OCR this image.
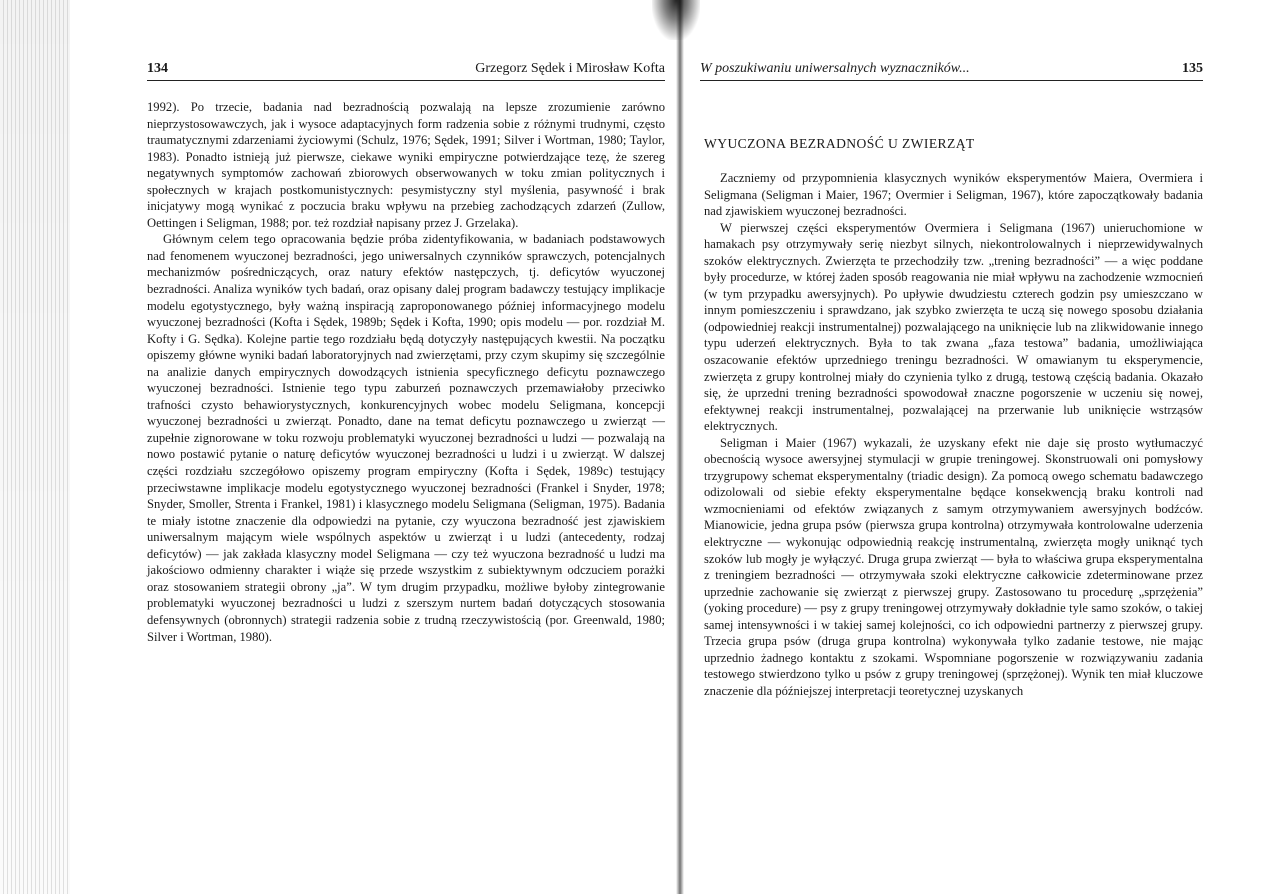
134	Grzegorz Sędek i Mirosław Kofta

1992). Po trzecie, badania nad bezradnością pozwalają na lepsze zrozumienie zarówno nieprzystosowawczych, jak i wysoce adaptacyjnych form radzenia sobie z różnymi trudnymi, często traumatycznymi zdarzeniami życiowymi (Schulz, 1976; Sędek, 1991; Silver i Wortman, 1980; Taylor, 1983). Ponadto istnieją już pierwsze, ciekawe wyniki empiryczne potwierdzające tezę, że szereg negatywnych symptomów zachowań zbiorowych obserwowanych w toku zmian politycznych i społecznych w krajach postkomunistycznych: pesymistyczny styl myślenia, pasywność i brak inicjatywy mogą wynikać z poczucia braku wpływu na przebieg zachodzących zdarzeń (Zullow, Oettingen i Seligman, 1988; por. też rozdział napisany przez J. Grzelaka).

Głównym celem tego opracowania będzie próba zidentyfikowania, w badaniach podstawowych nad fenomenem wyuczonej bezradności, jego uniwersalnych czynników sprawczych, potencjalnych mechanizmów pośredniczących, oraz natury efektów następczych, tj. deficytów wyuczonej bezradności. Analiza wyników tych badań, oraz opisany dalej program badawczy testujący implikacje modelu egotystycznego, były ważną inspiracją zaproponowanego później informacyjnego modelu wyuczonej bezradności (Kofta i Sędek, 1989b; Sędek i Kofta, 1990; opis modelu — por. rozdział M. Kofty i G. Sędka). Kolejne partie tego rozdziału będą dotyczyły następujących kwestii. Na początku opiszemy główne wyniki badań laboratoryjnych nad zwierzętami, przy czym skupimy się szczególnie na analizie danych empirycznych dowodzących istnienia specyficznego deficytu poznawczego wyuczonej bezradności. Istnienie tego typu zaburzeń poznawczych przemawiałoby przeciwko trafności czysto behawiorystycznych, konkurencyjnych wobec modelu Seligmana, koncepcji wyuczonej bezradności u zwierząt. Ponadto, dane na temat deficytu poznawczego u zwierząt — zupełnie zignorowane w toku rozwoju problematyki wyuczonej bezradności u ludzi — pozwalają na nowo postawić pytanie o naturę deficytów wyuczonej bezradności u ludzi i u zwierząt. W dalszej części rozdziału szczegółowo opiszemy program empiryczny (Kofta i Sędek, 1989c) testujący przeciwstawne implikacje modelu egotystycznego wyuczonej bezradności (Frankel i Snyder, 1978; Snyder, Smoller, Strenta i Frankel, 1981) i klasycznego modelu Seligmana (Seligman, 1975). Badania te miały istotne znaczenie dla odpowiedzi na pytanie, czy wyuczona bezradność jest zjawiskiem uniwersalnym mającym wiele wspólnych aspektów u zwierząt i u ludzi (antecedenty, rodzaj deficytów) — jak zakłada klasyczny model Seligmana — czy też wyuczona bezradność u ludzi ma jakościowo odmienny charakter i wiąże się przede wszystkim z subiektywnym odczuciem porażki oraz stosowaniem strategii obrony „ja”. W tym drugim przypadku, możliwe byłoby zintegrowanie problematyki wyuczonej bezradności u ludzi z szerszym nurtem badań dotyczących stosowania defensywnych (obronnych) strategii radzenia sobie z trudną rzeczywistością (por. Greenwald, 1980; Silver i Wortman, 1980).

W poszukiwaniu uniwersalnych wyznaczników...	135
WYUCZONA BEZRADNOŚĆ U ZWIERZĄT

Zaczniemy od przypomnienia klasycznych wyników eksperymentów Maiera, Overmiera i Seligmana (Seligman i Maier, 1967; Overmier i Seligman, 1967), które zapoczątkowały badania nad zjawiskiem wyuczonej bezradności.

W pierwszej części eksperymentów Overmiera i Seligmana (1967) unieruchomione w hamakach psy otrzymywały serię niezbyt silnych, niekontrolowalnych i nieprzewidywalnych szoków elektrycznych. Zwierzęta te przechodziły tzw. „trening bezradności” — a więc poddane były procedurze, w której żaden sposób reagowania nie miał wpływu na zachodzenie wzmocnień (w tym przypadku awersyjnych). Po upływie dwudziestu czterech godzin psy umieszczano w innym pomieszczeniu i sprawdzano, jak szybko zwierzęta te uczą się nowego sposobu działania (odpowiedniej reakcji instrumentalnej) pozwalającego na uniknięcie lub na zlikwidowanie innego typu uderzeń elektrycznych. Była to tak zwana „faza testowa” badania, umożliwiająca oszacowanie efektów uprzedniego treningu bezradności. W omawianym tu eksperymencie, zwierzęta z grupy kontrolnej miały do czynienia tylko z drugą, testową częścią badania. Okazało się, że uprzedni trening bezradności spowodował znaczne pogorszenie w uczeniu się nowej, efektywnej reakcji instrumentalnej, pozwalającej na przerwanie lub uniknięcie wstrząsów elektrycznych.

Seligman i Maier (1967) wykazali, że uzyskany efekt nie daje się prosto wytłumaczyć obecnością wysoce awersyjnej stymulacji w grupie treningowej. Skonstruowali oni pomysłowy trzygrupowy schemat eksperymentalny (triadic design). Za pomocą owego schematu badawczego odizolowali od siebie efekty eksperymentalne będące konsekwencją braku kontroli nad wzmocnieniami od efektów związanych z samym otrzymywaniem awersyjnych bodźców. Mianowicie, jedna grupa psów (pierwsza grupa kontrolna) otrzymywała kontrolowalne uderzenia elektryczne — wykonując odpowiednią reakcję instrumentalną, zwierzęta mogły uniknąć tych szoków lub mogły je wyłączyć. Druga grupa zwierząt — była to właściwa grupa eksperymentalna z treningiem bezradności — otrzymywała szoki elektryczne całkowicie zdeterminowane przez uprzednie zachowanie się zwierząt z pierwszej grupy. Zastosowano tu procedurę „sprzężenia” (yoking procedure) — psy z grupy treningowej otrzymywały dokładnie tyle samo szoków, o takiej samej intensywności i w takiej samej kolejności, co ich odpowiedni partnerzy z pierwszej grupy. Trzecia grupa psów (druga grupa kontrolna) wykonywała tylko zadanie testowe, nie mając uprzednio żadnego kontaktu z szokami. Wspomniane pogorszenie w rozwiązywaniu zadania testowego stwierdzono tylko u psów z grupy treningowej (sprzężonej). Wynik ten miał kluczowe znaczenie dla późniejszej interpretacji teoretycznej uzyskanych
